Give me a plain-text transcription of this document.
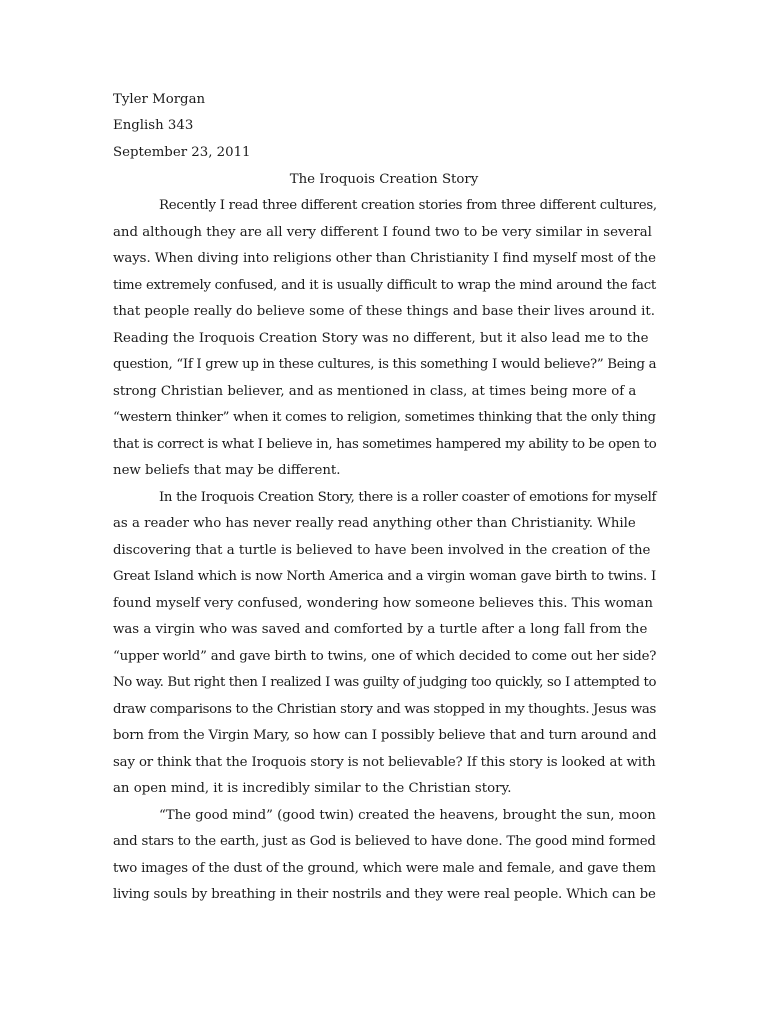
Tyler Morgan
English 343
September 23, 2011
The Iroquois Creation Story
Recently I read three different creation stories from three different cultures,
and although they are all very different I found two to be very similar in several
ways. When diving into religions other than Christianity I find myself most of the
time extremely confused, and it is usually difficult to wrap the mind around the fact
that people really do believe some of these things and base their lives around it.
Reading the Iroquois Creation Story was no different, but it also lead me to the
question, “If I grew up in these cultures, is this something I would believe?” Being a
strong Christian believer, and as mentioned in class, at times being more of a
“western thinker” when it comes to religion, sometimes thinking that the only thing
that is correct is what I believe in, has sometimes hampered my ability to be open to
new beliefs that may be different.
In the Iroquois Creation Story, there is a roller coaster of emotions for myself
as a reader who has never really read anything other than Christianity. While
discovering that a turtle is believed to have been involved in the creation of the
Great Island which is now North America and a virgin woman gave birth to twins. I
found myself very confused, wondering how someone believes this. This woman
was a virgin who was saved and comforted by a turtle after a long fall from the
“upper world” and gave birth to twins, one of which decided to come out her side?
No way. But right then I realized I was guilty of judging too quickly, so I attempted to
draw comparisons to the Christian story and was stopped in my thoughts. Jesus was
born from the Virgin Mary, so how can I possibly believe that and turn around and
say or think that the Iroquois story is not believable? If this story is looked at with
an open mind, it is incredibly similar to the Christian story.
“The good mind” (good twin) created the heavens, brought the sun, moon
and stars to the earth, just as God is believed to have done. The good mind formed
two images of the dust of the ground, which were male and female, and gave them
living souls by breathing in their nostrils and they were real people. Which can be
